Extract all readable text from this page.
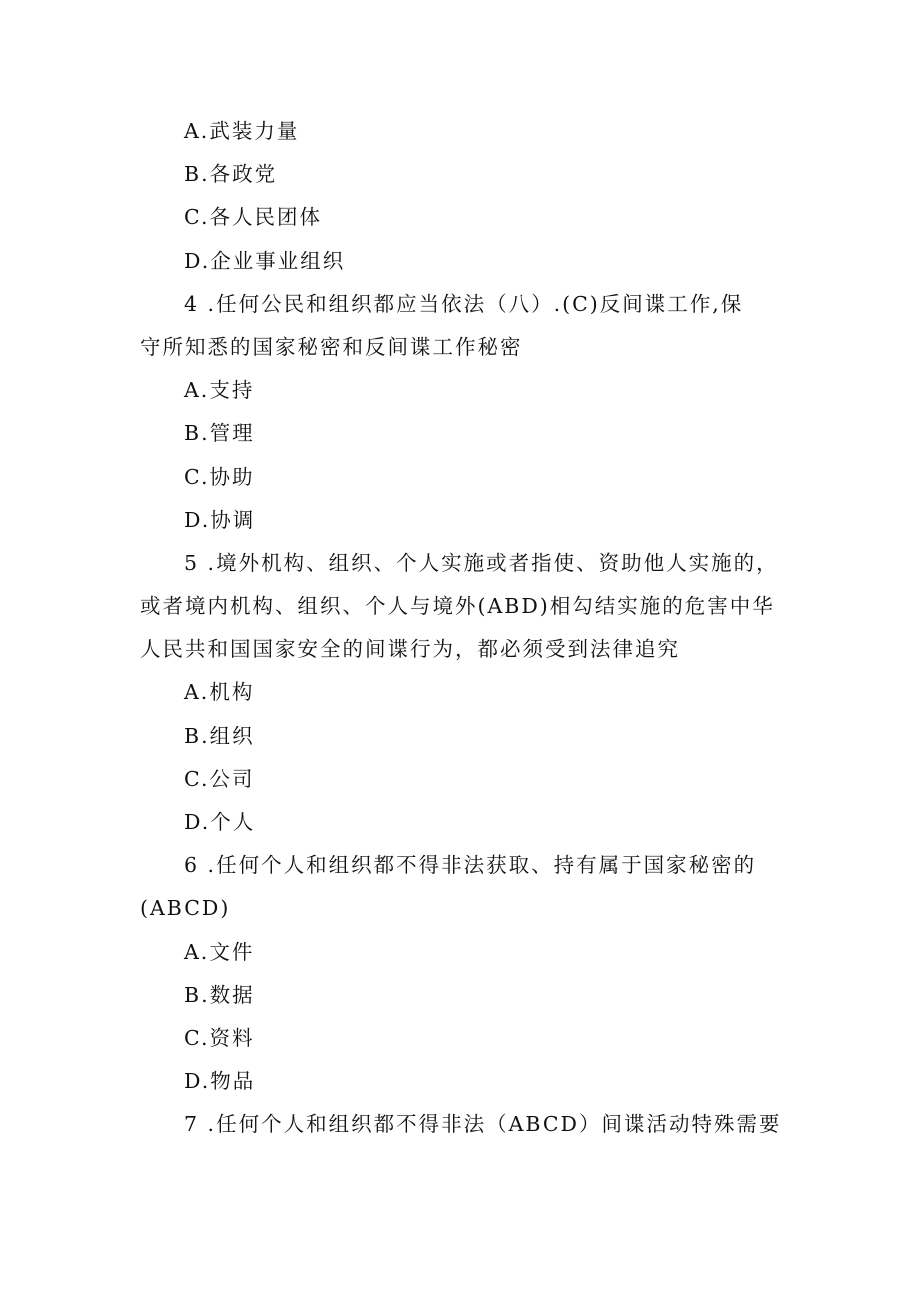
A.武装力量
B.各政党
C.各人民团体
D.企业事业组织
4 .任何公民和组织都应当依法（八）.(C)反间谍工作,保
守所知悉的国家秘密和反间谍工作秘密
A.支持
B.管理
C.协助
D.协调
5 .境外机构、组织、个人实施或者指使、资助他人实施的，
或者境内机构、组织、个人与境外(ABD)相勾结实施的危害中华
人民共和国国家安全的间谍行为，都必须受到法律追究
A.机构
B.组织
C.公司
D.个人
6 .任何个人和组织都不得非法获取、持有属于国家秘密的
(ABCD)
A.文件
B.数据
C.资料
D.物品
7 .任何个人和组织都不得非法（ABCD）间谍活动特殊需要
